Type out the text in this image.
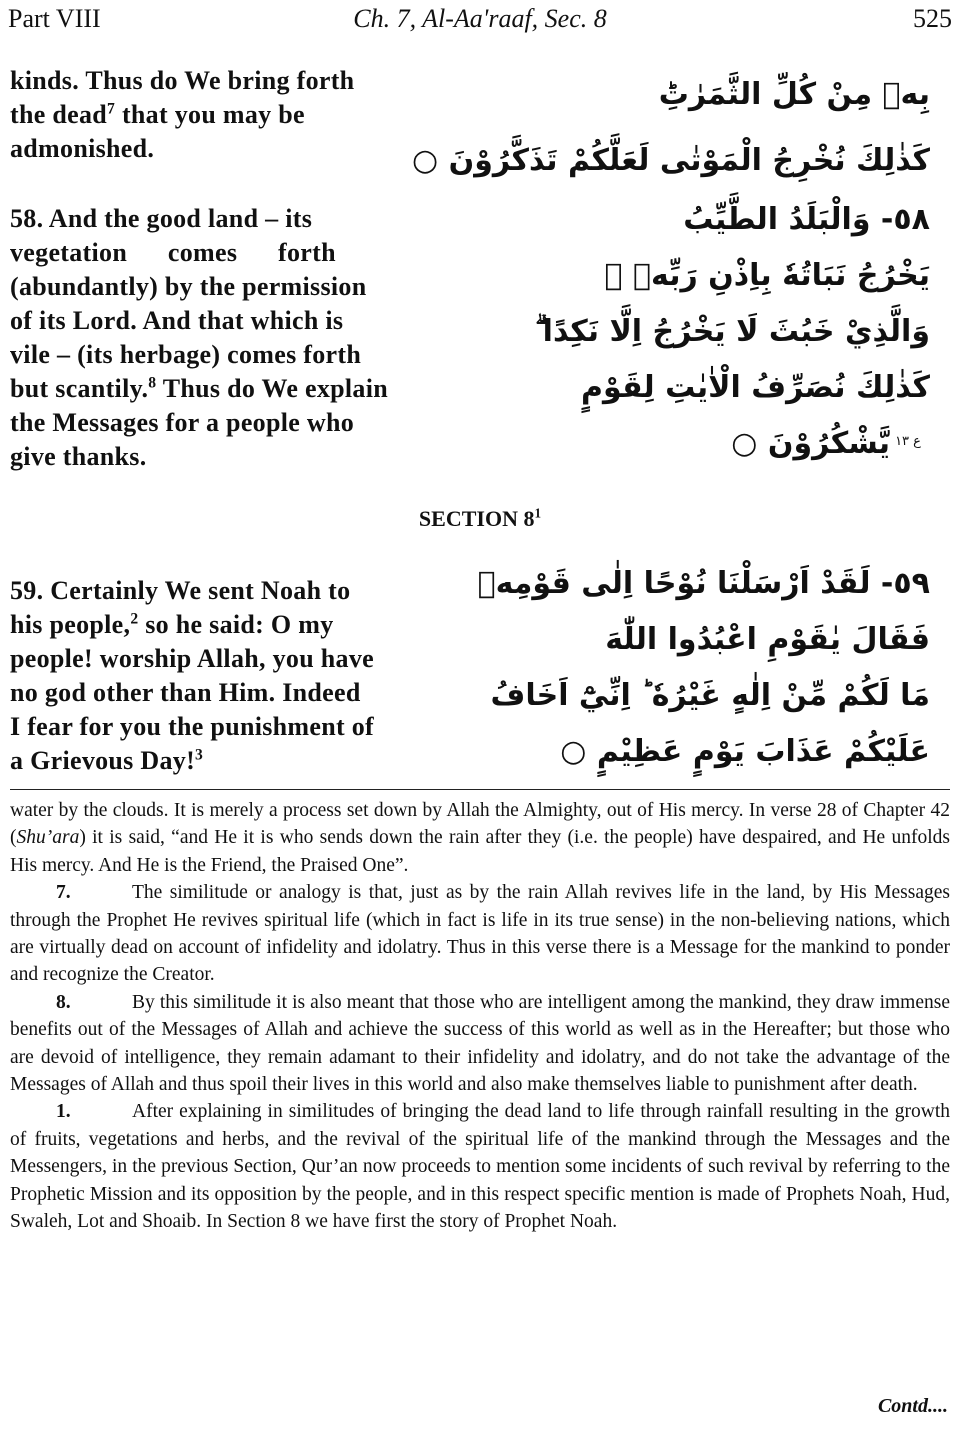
Part VIII	Ch. 7, Al-Aa'raaf, Sec. 8	525
kinds. Thus do We bring forth
the dead$^7$ that you may be
admonished.
بِهٖ مِنْ كُلِّ الثَّمَرٰتِؕ
كَذٰلِكَ نُخْرِجُ الْمَوْتٰى لَعَلَّكُمْ تَذَكَّرُوْنَ ○
58. And the good land – its
vegetation comes forth
(abundantly) by the permission
of its Lord. And that which is
vile – (its herbage) comes forth
but scantily.$^8$ Thus do We explain
the Messages for a people who
give thanks.
٥٨- وَالْبَلَدُ الطَّيِّبُ
يَخْرُجُ نَبَاتُهٗ بِاِذْنِ رَبِّهٖ ۚ
وَالَّذِيْ خَبُثَ لَا يَخْرُجُ اِلَّا نَكِدًا ۗ
كَذٰلِكَ نُصَرِّفُ الْاٰيٰتِ لِقَوْمٍ
يَّشْكُرُوْنَ ○ ع ۱۳
SECTION $8^1$
59. Certainly We sent Noah to
his people,$^2$ so he said: O my
people! worship Allah, you have
no god other than Him. Indeed
I fear for you the punishment of
a Grievous Day!$^3$
٥٩- لَقَدْ اَرْسَلْنَا نُوْحًا اِلٰى قَوْمِهٖ
فَقَالَ يٰقَوْمِ اعْبُدُوا اللّٰهَ
مَا لَكُمْ مِّنْ اِلٰهٍ غَيْرُهٗ ؕ اِنِّيْٓ اَخَافُ
عَلَيْكُمْ عَذَابَ يَوْمٍ عَظِيْمٍ ○

water by the clouds. It is merely a process set down by Allah the Almighty, out of His mercy. In verse 28 of Chapter 42 (Shu’ara) it is said, “and He it is who sends down the rain after they (i.e. the people) have despaired, and He unfolds His mercy. And He is the Friend, the Praised One”.

7.	The similitude or analogy is that, just as by the rain Allah revives life in the land, by His Messages through the Prophet He revives spiritual life (which in fact is life in its true sense) in the non-believing nations, which are virtually dead on account of infidelity and idolatry. Thus in this verse there is a Message for the mankind to ponder and recognize the Creator.

8.	By this similitude it is also meant that those who are intelligent among the mankind, they draw immense benefits out of the Messages of Allah and achieve the success of this world as well as in the Hereafter; but those who are devoid of intelligence, they remain adamant to their infidelity and idolatry, and do not take the advantage of the Messages of Allah and thus spoil their lives in this world and also make themselves liable to punishment after death.

1.	After explaining in similitudes of bringing the dead land to life through rainfall resulting in the growth of fruits, vegetations and herbs, and the revival of the spiritual life of the mankind through the Messages and the Messengers, in the previous Section, Qur’an now proceeds to mention some incidents of such revival by referring to the Prophetic Mission and its opposition by the people, and in this respect specific mention is made of Prophets Noah, Hud, Swaleh, Lot and Shoaib. In Section 8 we have first the story of Prophet Noah.

Contd....
